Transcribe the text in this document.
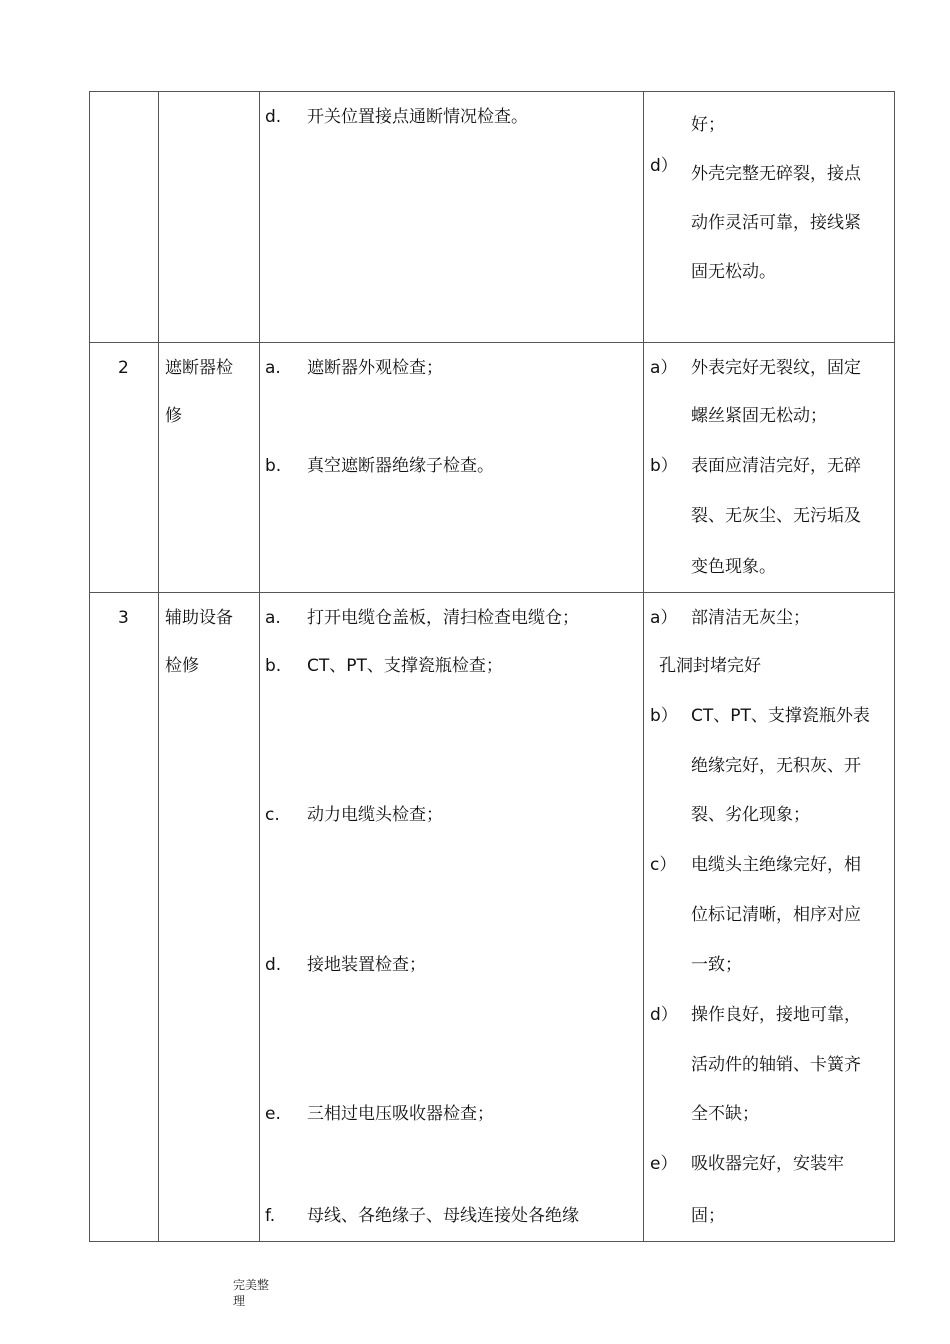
d. 开关位置接点通断情况检查。	好；
d） 外壳完整无碎裂，接点
动作灵活可靠，接线紧
固无松动。
2 遮断器检
修
a. 遮断器外观检查；
b. 真空遮断器绝缘子检查。
a） 外表完好无裂纹，固定
螺丝紧固无松动；
b） 表面应清洁完好，无碎
裂、无灰尘、无污垢及
变色现象。
3 辅助设备
检修
a. 打开电缆仓盖板，清扫检查电缆仓；
b. CT、PT、支撑瓷瓶检查；
c. 动力电缆头检查；
d. 接地装置检查；
e. 三相过电压吸收器检查；
f. 母线、各绝缘子、母线连接处各绝缘
a） 部清洁无灰尘；
孔洞封堵完好
b） CT、PT、支撑瓷瓶外表
绝缘完好，无积灰、开
裂、劣化现象；
c） 电缆头主绝缘完好，相
位标记清晰，相序对应
一致；
d） 操作良好，接地可靠，
活动件的轴销、卡簧齐
全不缺；
e） 吸收器完好，安装牢
固；
完美整
理
